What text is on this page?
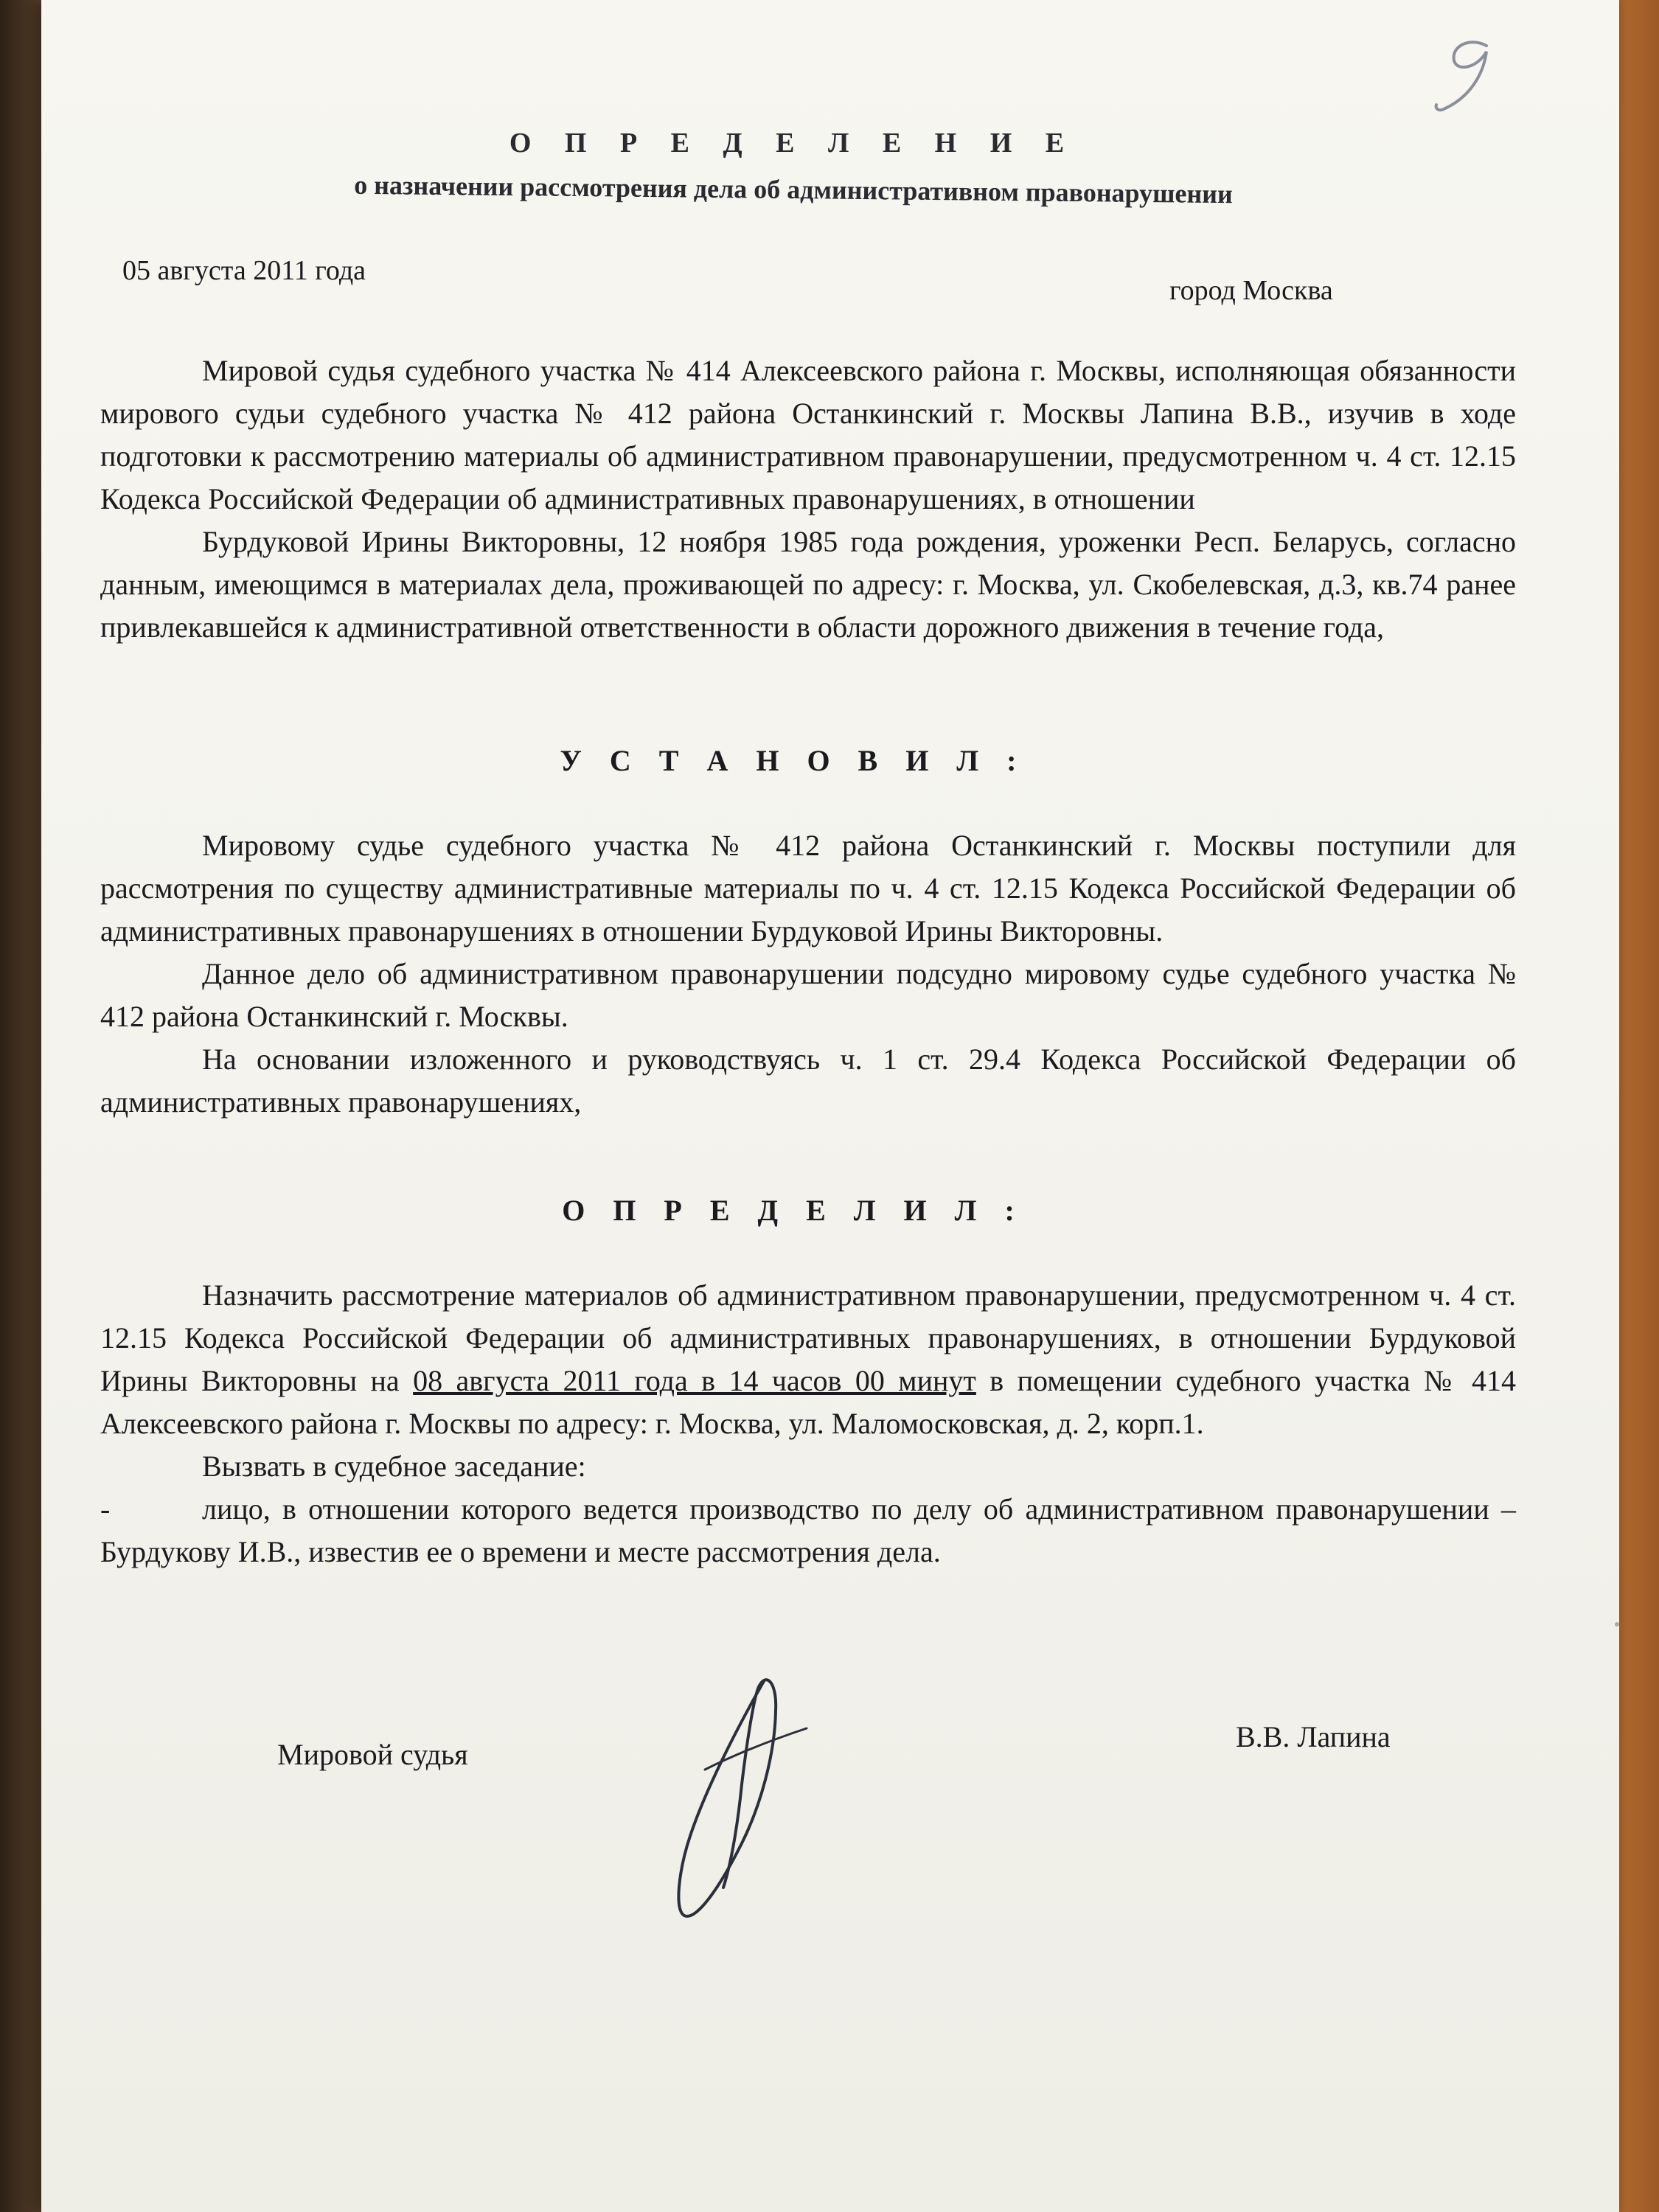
О П Р Е Д Е Л Е Н И Е
о назначении рассмотрения дела об административном правонарушении
05 августа 2011 года
город Москва

Мировой судья судебного участка № 414 Алексеевского района г. Москвы, исполняющая обязанности мирового судьи судебного участка № 412 района Останкинский г. Москвы Лапина В.В., изучив в ходе подготовки к рассмотрению материалы об административном правонарушении, предусмотренном ч. 4 ст. 12.15 Кодекса Российской Федерации об административных правонарушениях, в отношении

Бурдуковой Ирины Викторовны, 12 ноября 1985 года рождения, уроженки Респ. Беларусь, согласно данным, имеющимся в материалах дела, проживающей по адресу: г. Москва, ул. Скобелевская, д.3, кв.74 ранее привлекавшейся к административной ответственности в области дорожного движения в течение года,

У С Т А Н О В И Л :

Мировому судье судебного участка № 412 района Останкинский г. Москвы поступили для рассмотрения по существу административные материалы по ч. 4 ст. 12.15 Кодекса Российской Федерации об административных правонарушениях в отношении Бурдуковой Ирины Викторовны.

Данное дело об административном правонарушении подсудно мировому судье судебного участка № 412 района Останкинский г. Москвы.

На основании изложенного и руководствуясь ч. 1 ст. 29.4 Кодекса Российской Федерации об административных правонарушениях,

О П Р Е Д Е Л И Л :

Назначить рассмотрение материалов об административном правонарушении, предусмотренном ч. 4 ст. 12.15 Кодекса Российской Федерации об административных правонарушениях, в отношении Бурдуковой Ирины Викторовны на 08 августа 2011 года в 14 часов 00 минут в помещении судебного участка № 414 Алексеевского района г. Москвы по адресу: г. Москва, ул. Маломосковская, д. 2, корп.1.

Вызвать в судебное заседание:

-	лицо, в отношении которого ведется производство по делу об административном правонарушении – Бурдукову И.В., известив ее о времени и месте рассмотрения дела.

Мировой судья
В.В. Лапина
